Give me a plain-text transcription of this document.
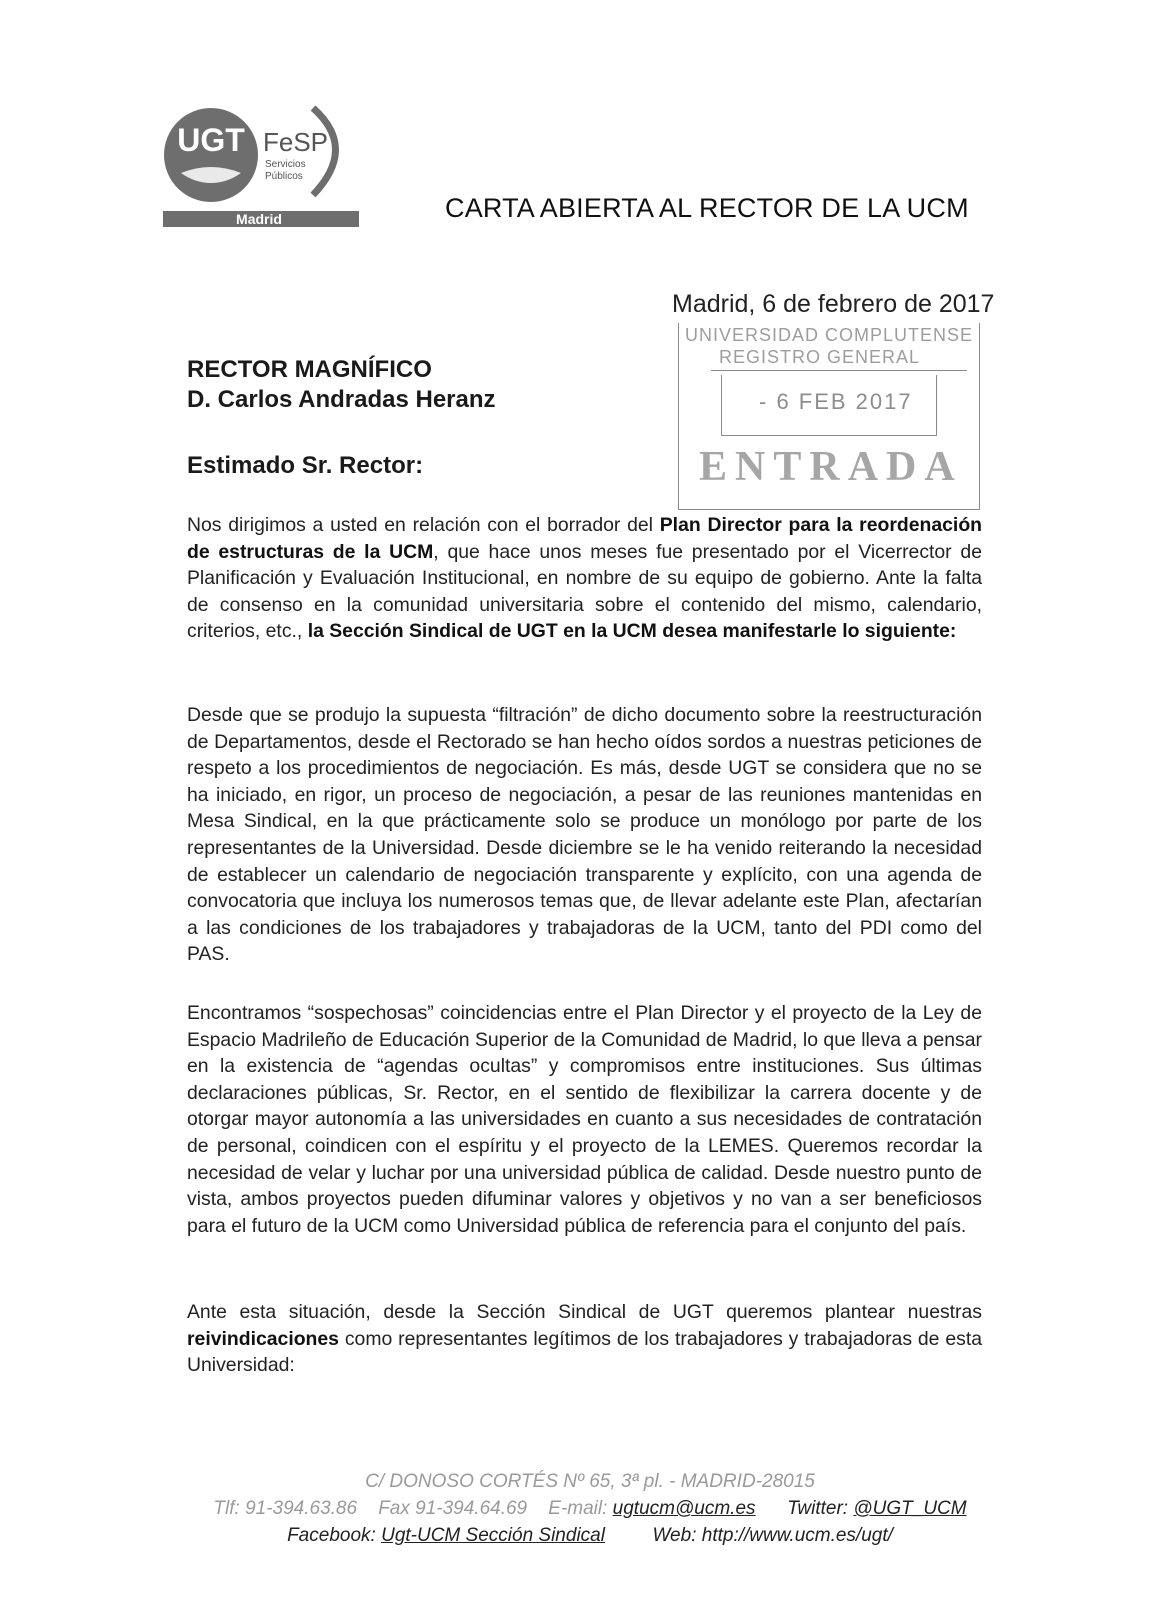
UGT FeSP
Servicios
Públicos
Madrid	CARTA ABIERTA AL RECTOR DE LA UCM
Madrid, 6 de febrero de 2017
UNIVERSIDAD COMPLUTENSE
REGISTRO GENERAL
- 6 FEB 2017
ENTRADA
RECTOR MAGNÍFICO
D. Carlos Andradas Heranz
Estimado Sr. Rector:
Nos dirigimos a usted en relación con el borrador del Plan Director para la reordenación de estructuras de la UCM, que hace unos meses fue presentado por el Vicerrector de Planificación y Evaluación Institucional, en nombre de su equipo de gobierno. Ante la falta de consenso en la comunidad universitaria sobre el contenido del mismo, calendario, criterios, etc., la Sección Sindical de UGT en la UCM desea manifestarle lo siguiente:
Desde que se produjo la supuesta “filtración” de dicho documento sobre la reestructuración de Departamentos, desde el Rectorado se han hecho oídos sordos a nuestras peticiones de respeto a los procedimientos de negociación. Es más, desde UGT se considera que no se ha iniciado, en rigor, un proceso de negociación, a pesar de las reuniones mantenidas en Mesa Sindical, en la que prácticamente solo se produce un monólogo por parte de los representantes de la Universidad. Desde diciembre se le ha venido reiterando la necesidad de establecer un calendario de negociación transparente y explícito, con una agenda de convocatoria que incluya los numerosos temas que, de llevar adelante este Plan, afectarían a las condiciones de los trabajadores y trabajadoras de la UCM, tanto del PDI como del PAS.
Encontramos “sospechosas” coincidencias entre el Plan Director y el proyecto de la Ley de Espacio Madrileño de Educación Superior de la Comunidad de Madrid, lo que lleva a pensar en la existencia de “agendas ocultas” y compromisos entre instituciones. Sus últimas declaraciones públicas, Sr. Rector, en el sentido de flexibilizar la carrera docente y de otorgar mayor autonomía a las universidades en cuanto a sus necesidades de contratación de personal, coindicen con el espíritu y el proyecto de la LEMES. Queremos recordar la necesidad de velar y luchar por una universidad pública de calidad. Desde nuestro punto de vista, ambos proyectos pueden difuminar valores y objetivos y no van a ser beneficiosos para el futuro de la UCM como Universidad pública de referencia para el conjunto del país.
Ante esta situación, desde la Sección Sindical de UGT queremos plantear nuestras reivindicaciones como representantes legítimos de los trabajadores y trabajadoras de esta Universidad:
C/ DONOSO CORTÉS Nº 65, 3ª pl. - MADRID-28015
Tlf: 91-394.63.86 Fax 91-394.64.69 E-mail: ugtucm@ucm.es Twitter: @UGT_UCM
Facebook: Ugt-UCM Sección Sindical	Web: http://www.ucm.es/ugt/
